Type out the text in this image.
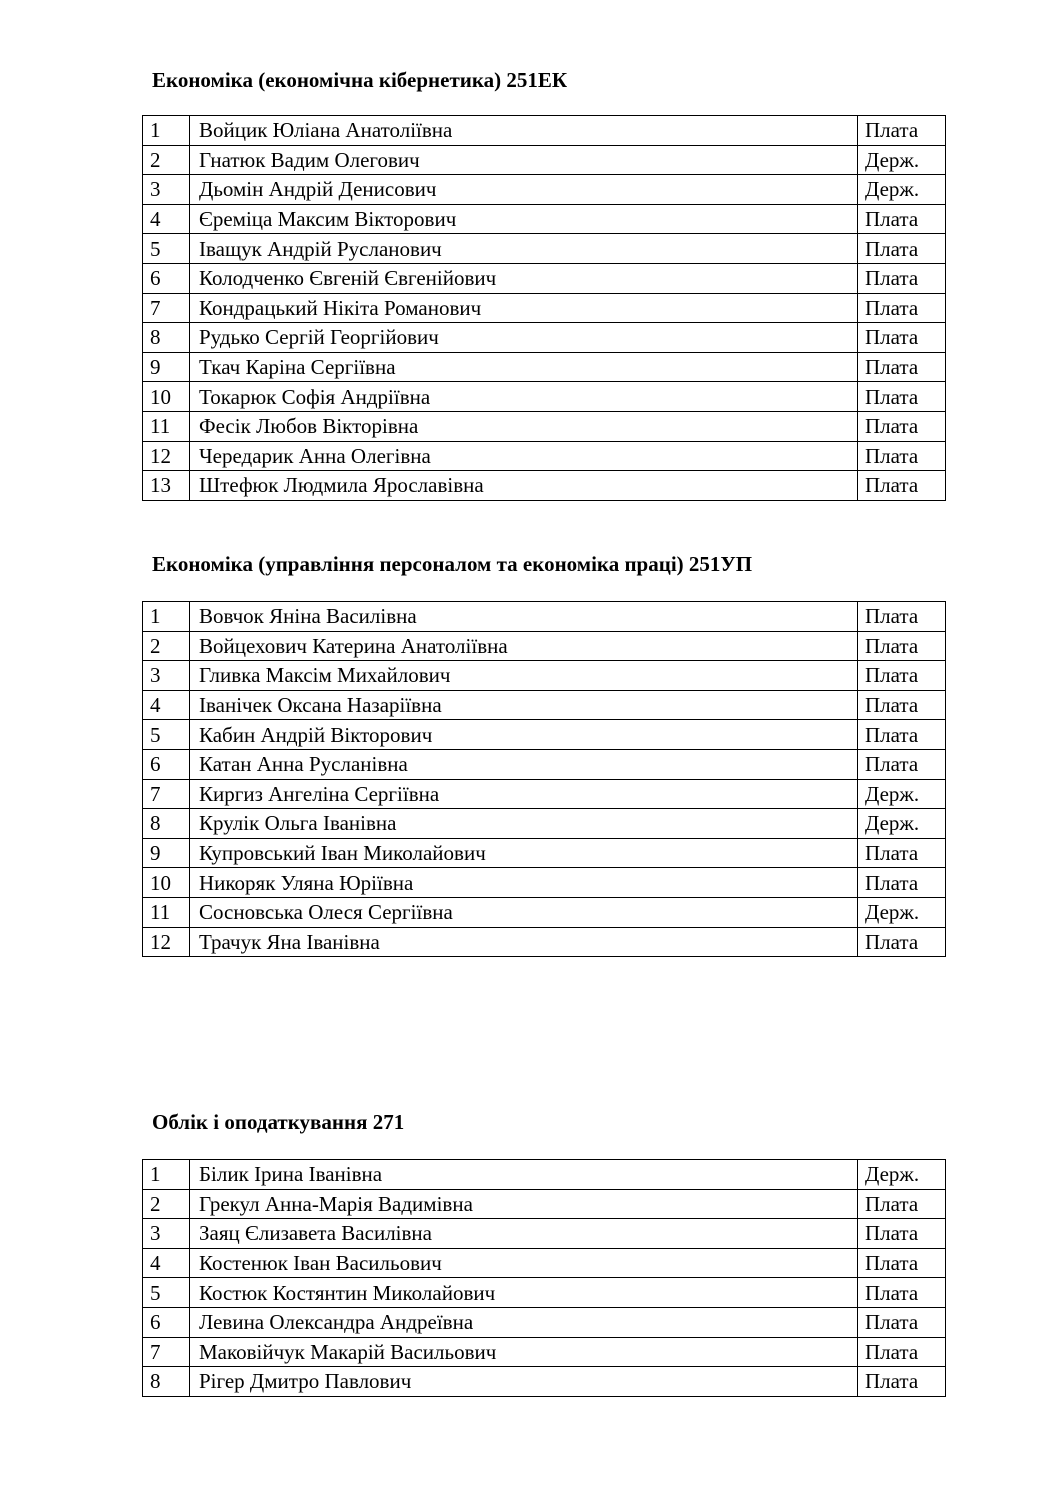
Економіка (економічна кібернетика) 251ЕК
1	Войцик Юліана Анатоліївна	Плата
2	Гнатюк Вадим Олегович	Держ.
3	Дьомін Андрій Денисович	Держ.
4	Єреміца Максим Вікторович	Плата
5	Іващук Андрій Русланович	Плата
6	Колодченко Євгеній Євгенійович	Плата
7	Кондрацький Нікіта Романович	Плата
8	Рудько Сергій Георгійович	Плата
9	Ткач Каріна Сергіївна	Плата
10	Токарюк Софія Андріївна	Плата
11	Фесік Любов Вікторівна	Плата
12	Чередарик Анна Олегівна	Плата
13	Штефюк Людмила Ярославівна	Плата
Економіка (управління персоналом та економіка праці) 251УП
1	Вовчок Яніна Василівна	Плата
2	Войцехович Катерина Анатоліївна	Плата
3	Гливка Максім Михайлович	Плата
4	Іванічек Оксана Назаріївна	Плата
5	Кабин Андрій Вікторович	Плата
6	Катан Анна Русланівна	Плата
7	Киргиз Ангеліна Сергіївна	Держ.
8	Крулік Ольга Іванівна	Держ.
9	Купровський Іван Миколайович	Плата
10	Никоряк Уляна Юріївна	Плата
11	Сосновська Олеся Сергіївна	Держ.
12	Трачук Яна Іванівна	Плата
Облік і оподаткування 271
1	Білик Ірина Іванівна	Держ.
2	Грекул Анна-Марія Вадимівна	Плата
3	Заяц Єлизавета Василівна	Плата
4	Костенюк Іван Васильович	Плата
5	Костюк Костянтин Миколайович	Плата
6	Левина Олександра Андреївна	Плата
7	Маковійчук Макарій Васильович	Плата
8	Рігер Дмитро Павлович	Плата
